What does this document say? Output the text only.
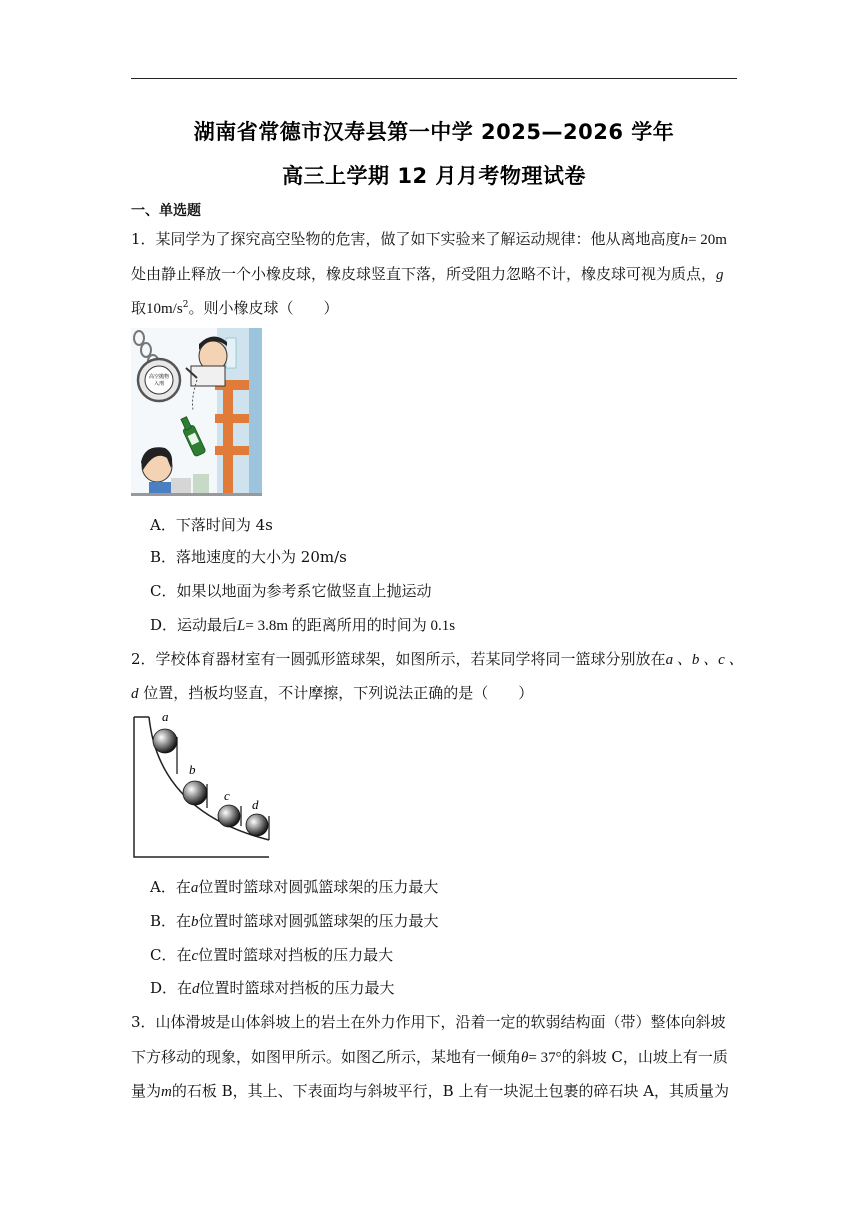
湖南省常德市汉寿县第一中学 2025—2026 学年
高三上学期 12 月月考物理试卷
一、单选题
1．某同学为了探究高空坠物的危害，做了如下实验来了解运动规律：他从离地高度h= 20m
处由静止释放一个小橡皮球，橡皮球竖直下落，所受阻力忽略不计，橡皮球可视为质点，g
取$10m/s^2$。则小橡皮球（　　）
高空抛物
入刑
A．下落时间为 4s
B．落地速度的大小为 20m/s
C．如果以地面为参考系它做竖直上抛运动
D．运动最后L= 3.8m 的距离所用的时间为 0.1s
2．学校体育器材室有一圆弧形篮球架，如图所示，若某同学将同一篮球分别放在a 、b 、c 、
d 位置，挡板均竖直，不计摩擦，下列说法正确的是（　　）
a
b
c
d
A．在a位置时篮球对圆弧篮球架的压力最大
B．在b位置时篮球对圆弧篮球架的压力最大
C．在c位置时篮球对挡板的压力最大
D．在d位置时篮球对挡板的压力最大
3．山体滑坡是山体斜坡上的岩土在外力作用下，沿着一定的软弱结构面（带）整体向斜坡
下方移动的现象，如图甲所示。如图乙所示，某地有一倾角θ= 37°的斜坡 C，山坡上有一质
量为m的石板 B，其上、下表面均与斜坡平行，B 上有一块泥土包裹的碎石块 A，其质量为
